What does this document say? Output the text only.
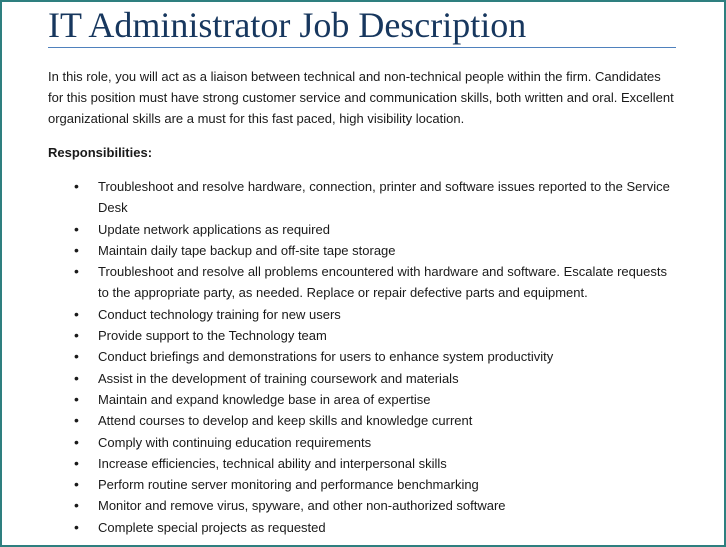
IT Administrator Job Description

In this role, you will act as a liaison between technical and non-technical people within the firm. Candidates for this position must have strong customer service and communication skills, both written and oral. Excellent organizational skills are a must for this fast paced, high visibility location.

Responsibilities:

• Troubleshoot and resolve hardware, connection, printer and software issues reported to the Service Desk
• Update network applications as required
• Maintain daily tape backup and off-site tape storage
• Troubleshoot and resolve all problems encountered with hardware and software. Escalate requests to the appropriate party, as needed. Replace or repair defective parts and equipment.
• Conduct technology training for new users
• Provide support to the Technology team
• Conduct briefings and demonstrations for users to enhance system productivity
• Assist in the development of training coursework and materials
• Maintain and expand knowledge base in area of expertise
• Attend courses to develop and keep skills and knowledge current
• Comply with continuing education requirements
• Increase efficiencies, technical ability and interpersonal skills
• Perform routine server monitoring and performance benchmarking
• Monitor and remove virus, spyware, and other non-authorized software
• Complete special projects as requested
